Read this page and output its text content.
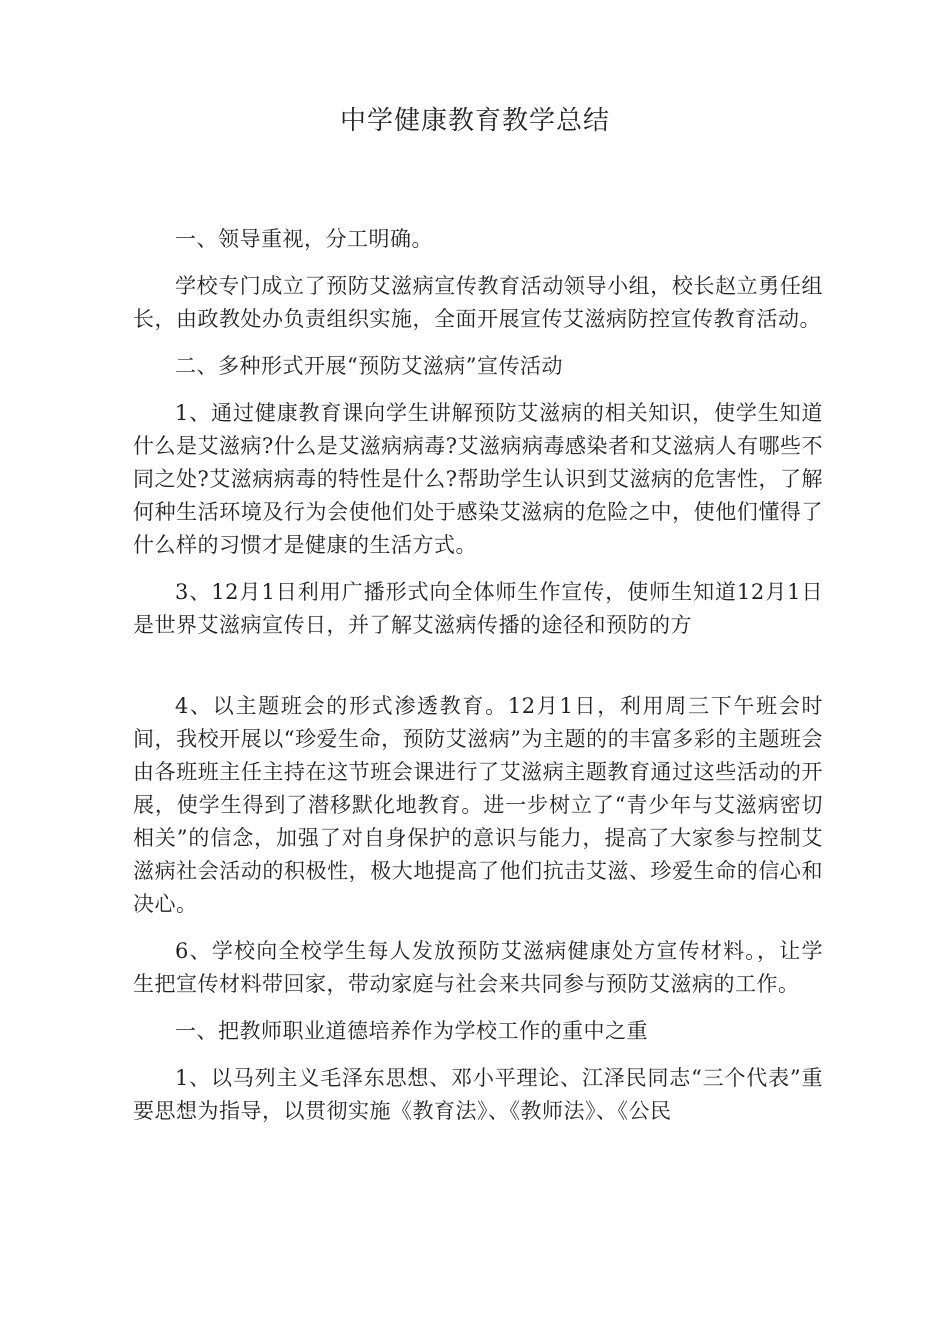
中学健康教育教学总结

一、领导重视，分工明确。

学校专门成立了预防艾滋病宣传教育活动领导小组，校长赵立勇任组长，由政教处办负责组织实施，全面开展宣传艾滋病防控宣传教育活动。

二、多种形式开展“预防艾滋病”宣传活动

1、通过健康教育课向学生讲解预防艾滋病的相关知识，使学生知道什么是艾滋病?什么是艾滋病病毒?艾滋病病毒感染者和艾滋病人有哪些不同之处?艾滋病病毒的特性是什么?帮助学生认识到艾滋病的危害性，了解何种生活环境及行为会使他们处于感染艾滋病的危险之中，使他们懂得了什么样的习惯才是健康的生活方式。

3、12月1日利用广播形式向全体师生作宣传，使师生知道12月1日是世界艾滋病宣传日，并了解艾滋病传播的途径和预防的方

4、以主题班会的形式渗透教育。12月1日，利用周三下午班会时间，我校开展以“珍爱生命，预防艾滋病”为主题的的丰富多彩的主题班会由各班班主任主持在这节班会课进行了艾滋病主题教育通过这些活动的开展，使学生得到了潜移默化地教育。进一步树立了“青少年与艾滋病密切相关”的信念，加强了对自身保护的意识与能力，提高了大家参与控制艾滋病社会活动的积极性，极大地提高了他们抗击艾滋、珍爱生命的信心和决心。

6、学校向全校学生每人发放预防艾滋病健康处方宣传材料。，让学生把宣传材料带回家，带动家庭与社会来共同参与预防艾滋病的工作。

一、把教师职业道德培养作为学校工作的重中之重

1、以马列主义毛泽东思想、邓小平理论、江泽民同志“三个代表”重要思想为指导，以贯彻实施《教育法》、《教师法》、《公民
